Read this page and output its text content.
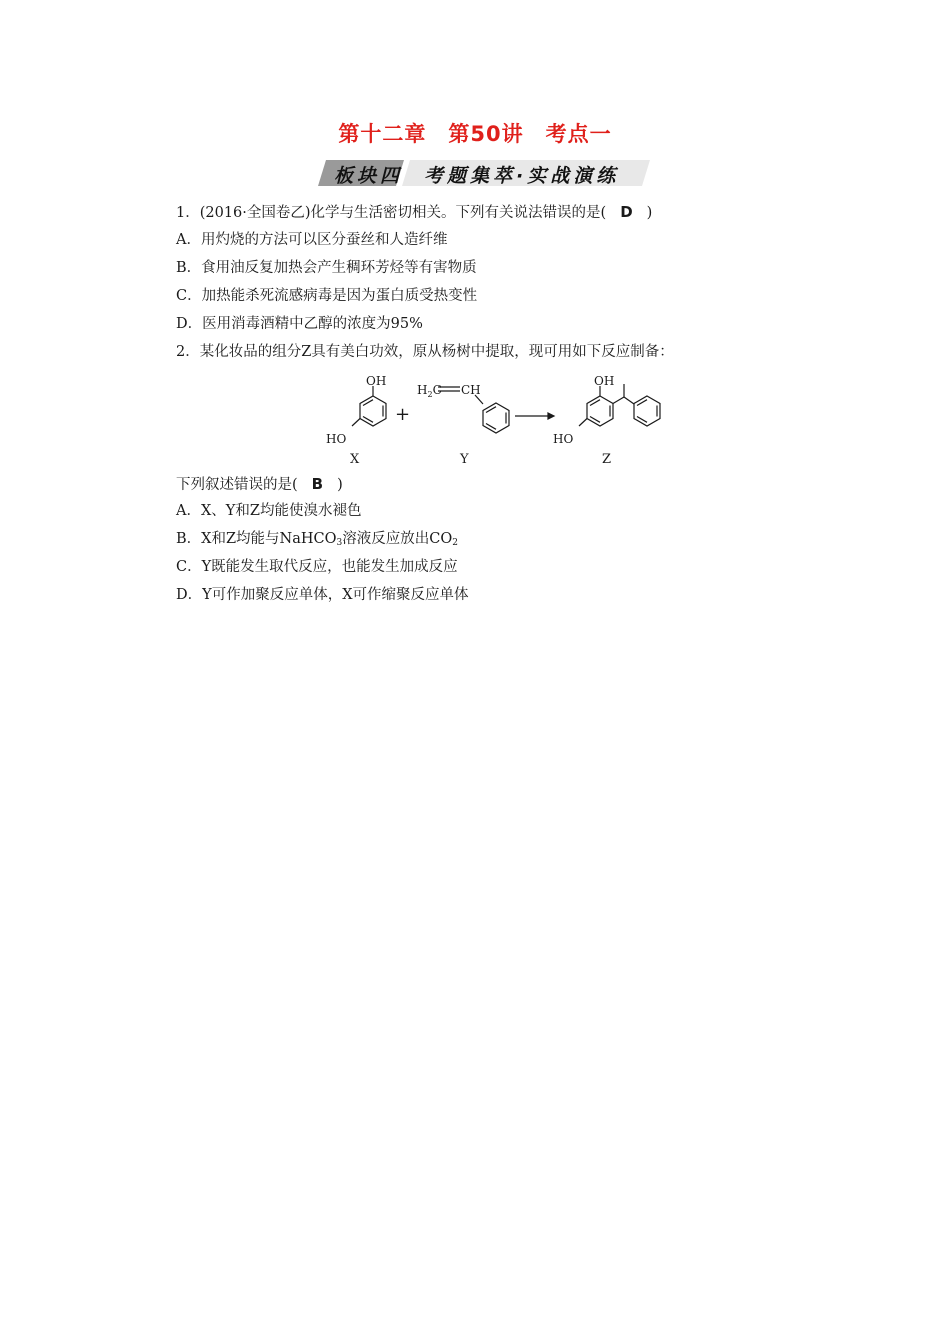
第十二章　第50讲　考点一
板块四 考题集萃·实战演练
1．(2016·全国卷乙)化学与生活密切相关。下列有关说法错误的是( D )
A．用灼烧的方法可以区分蚕丝和人造纤维
B．食用油反复加热会产生稠环芳烃等有害物质
C．加热能杀死流感病毒是因为蛋白质受热变性
D．医用消毒酒精中乙醇的浓度为95%
2．某化妆品的组分Z具有美白功效，原从杨树中提取，现可用如下反应制备：
OH
HO
X
+
$H_2C$ CH
Y
OH
HO
Z
下列叙述错误的是( B )
A．X、Y和Z均能使溴水褪色
B．X和Z均能与NaHCO$_3$溶液反应放出$CO_2$
C．Y既能发生取代反应，也能发生加成反应
D．Y可作加聚反应单体，X可作缩聚反应单体
